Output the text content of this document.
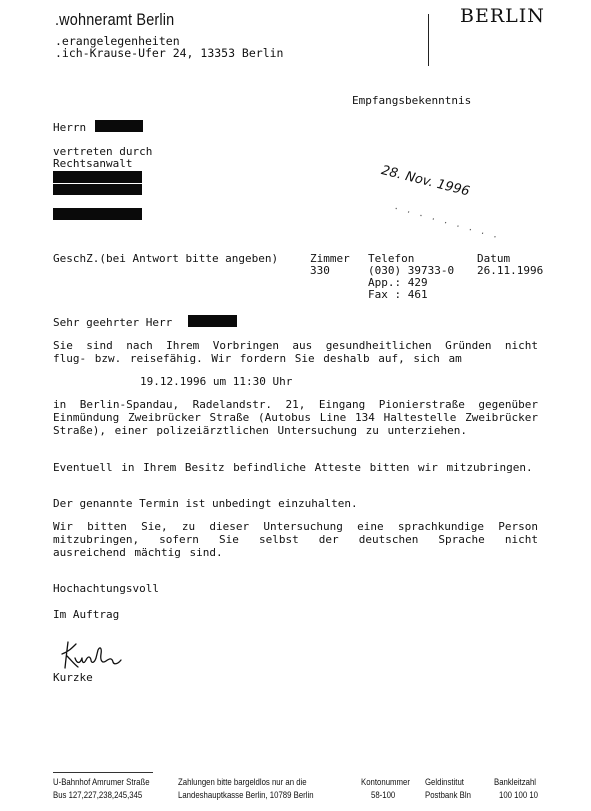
.wohneramt Berlin
.erangelegenheiten
.ich-Krause-Ufer 24, 13353 Berlin
BERLIN
Empfangsbekenntnis
Herrn
vertreten durch
Rechtsanwalt	28. Nov. 1996
· · · · · · · · ·
GeschZ.(bei Antwort bitte angeben)	Zimmer
330
Telefon
(030) 39733-0
App.: 429
Fax : 461
Datum
26.11.1996
Sehr geehrter Herr
Sie sind nach Ihrem Vorbringen aus gesundheitlichen Gründen nicht flug- bzw. reisefähig. Wir fordern Sie deshalb auf, sich am
19.12.1996 um 11:30 Uhr
in Berlin-Spandau, Radelandstr. 21, Eingang Pionierstraße gegenüber Einmündung Zweibrücker Straße (Autobus Line 134 Haltestelle Zweibrücker Straße), einer polizeiärztlichen Untersuchung zu unterziehen.
Eventuell in Ihrem Besitz befindliche Atteste bitten wir mitzubringen.
Der genannte Termin ist unbedingt einzuhalten.
Wir bitten Sie, zu dieser Untersuchung eine sprachkundige Person mitzubringen, sofern Sie selbst der deutschen Sprache nicht ausreichend mächtig sind.
Hochachtungsvoll
Im Auftrag
Kurzke
U-Bahnhof Amrumer Straße
Bus 127,227,238,245,345
Zahlungen bitte bargeldlos nur an die
Landeshauptkasse Berlin, 10789 Berlin
Kontonummer
58-100
Geldinstitut
Postbank Bln
Bankleitzahl
100 100 10
